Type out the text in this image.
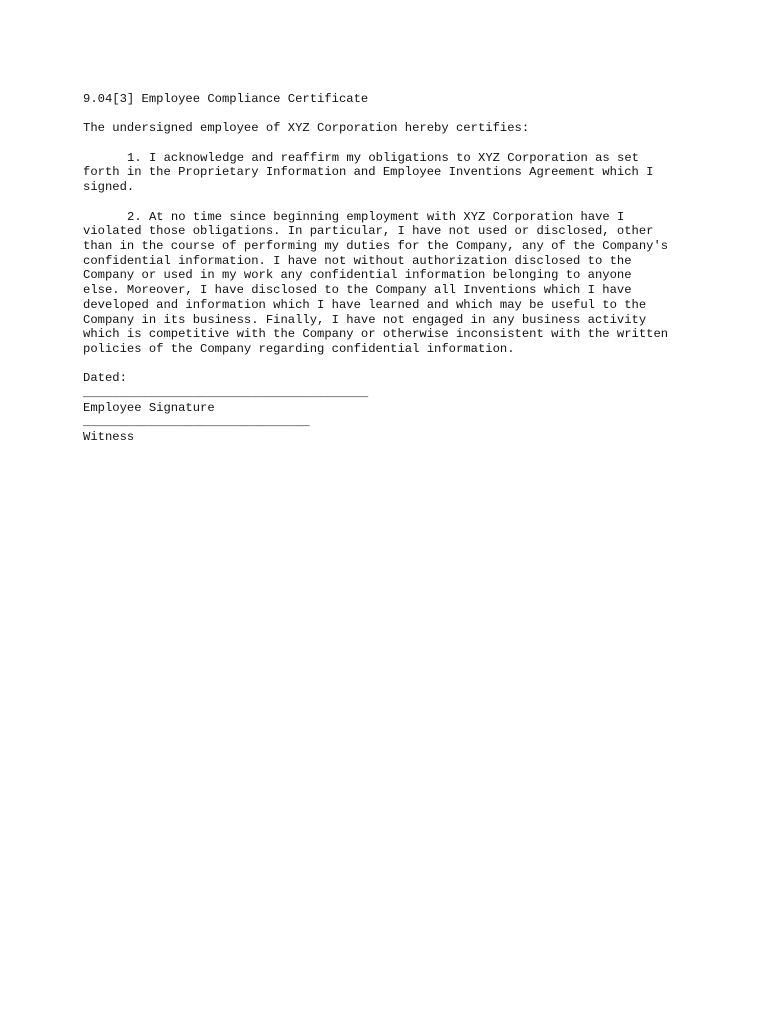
9.04[3] Employee Compliance Certificate
The undersigned employee of XYZ Corporation hereby certifies:
1. I acknowledge and reaffirm my obligations to XYZ Corporation as set
forth in the Proprietary Information and Employee Inventions Agreement which I
signed.
2. At no time since beginning employment with XYZ Corporation have I
violated those obligations. In particular, I have not used or disclosed, other
than in the course of performing my duties for the Company, any of the Company's
confidential information. I have not without authorization disclosed to the
Company or used in my work any confidential information belonging to anyone
else. Moreover, I have disclosed to the Company all Inventions which I have
developed and information which I have learned and which may be useful to the
Company in its business. Finally, I have not engaged in any business activity
which is competitive with the Company or otherwise inconsistent with the written
policies of the Company regarding confidential information.
Dated:
_______________________________________
Employee Signature
_______________________________
Witness
